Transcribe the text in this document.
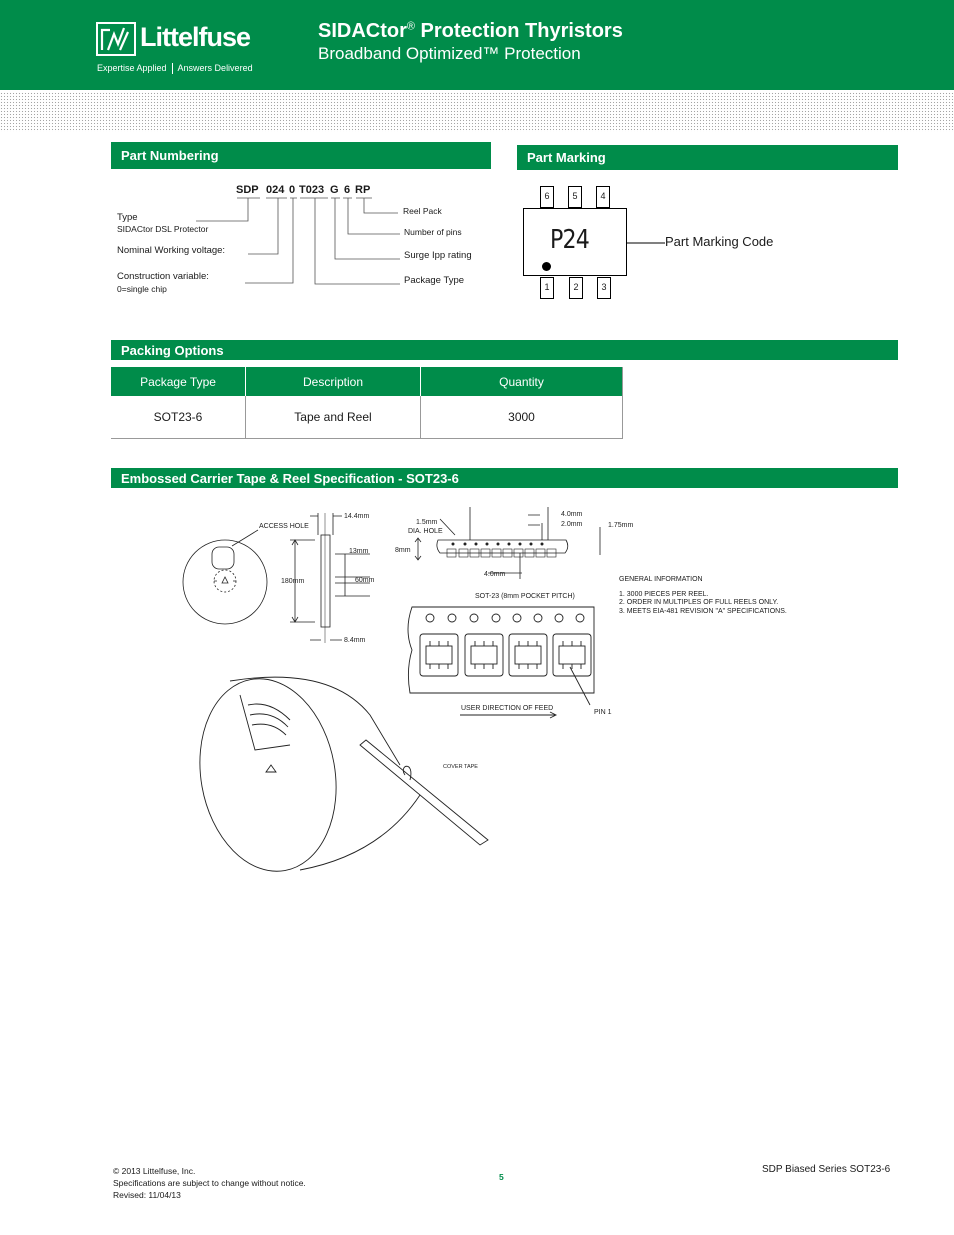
Littelfuse
Expertise Applied Answers Delivered
SIDACtor® Protection Thyristors
Broadband Optimized™ Protection
Part Numbering
SDP 024 0 T023 G 6 RP
Type
SIDACtor DSL Protector
Nominal Working voltage:
Construction variable:
0=single chip
Reel Pack
Number of pins
Surge Ipp rating
Package Type
Part Marking
6	5	4
1	2	3
P24	Part Marking Code
Packing Options
Package Type	Description	Quantity
SOT23-6	Tape and Reel	3000
Embossed Carrier Tape & Reel Specification - SOT23-6
ACCESS HOLE
14.4mm
13mm
180mm	60mm
8.4mm
1.5mm
DIA. HOLE
4.0mm
2.0mm	1.75mm
8mm
4.0mm
SOT-23 (8mm POCKET PITCH)
USER DIRECTION OF FEED
PIN 1
COVER TAPE
GENERAL INFORMATION
1. 3000 PIECES PER REEL.
2. ORDER IN MULTIPLES OF FULL REELS ONLY.
3. MEETS EIA-481 REVISION "A" SPECIFICATIONS.
© 2013 Littelfuse, Inc.
Specifications are subject to change without notice.
Revised: 11/04/13
5
SDP Biased Series SOT23-6
